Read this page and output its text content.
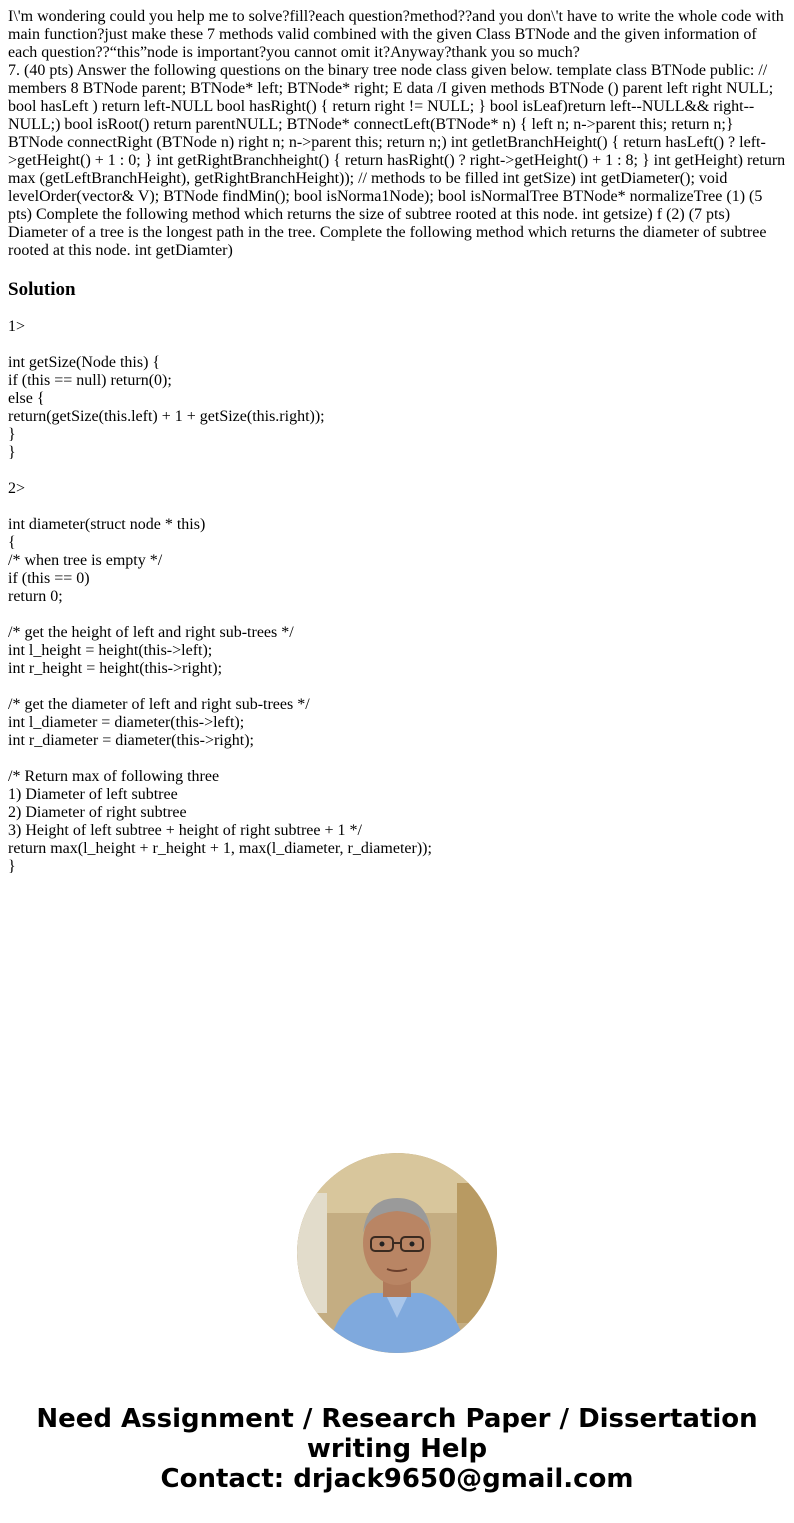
I\'m wondering could you help me to solve?fill?each question?method??and you don\'t have to write the whole code with main function?just make these 7 methods valid combined with the given Class BTNode and the given information of each question??“this”node is important?you cannot omit it?Anyway?thank you so much?

7. (40 pts) Answer the following questions on the binary tree node class given below. template class BTNode public: // members 8 BTNode parent; BTNode* left; BTNode* right; E data /I given methods BTNode () parent left right NULL; bool hasLeft ) return left-NULL bool hasRight() { return right != NULL; } bool isLeaf)return left--NULL&& right--NULL;) bool isRoot() return parentNULL; BTNode* connectLeft(BTNode* n) { left n; n->parent this; return n;} BTNode connectRight (BTNode n) right n; n->parent this; return n;) int getletBranchHeight() { return hasLeft() ? left->getHeight() + 1 : 0; } int getRightBranchheight() { return hasRight() ? right->getHeight() + 1 : 8; } int getHeight) return max (getLeftBranchHeight), getRightBranchHeight)); // methods to be filled int getSize) int getDiameter(); void levelOrder(vector& V); BTNode findMin(); bool isNorma1Node); bool isNormalTree BTNode* normalizeTree (1) (5 pts) Complete the following method which returns the size of subtree rooted at this node. int getsize) f (2) (7 pts) Diameter of a tree is the longest path in the tree. Complete the following method which returns the diameter of subtree rooted at this node. int getDiamter)

Solution
1>
int getSize(Node this) {
if (this == null) return(0);
else {
return(getSize(this.left) + 1 + getSize(this.right));
}
}
2>
int diameter(struct node * this)
{
/* when tree is empty */
if (this == 0)
return 0;
/* get the height of left and right sub-trees */
int l_height = height(this->left);
int r_height = height(this->right);
/* get the diameter of left and right sub-trees */
int l_diameter = diameter(this->left);
int r_diameter = diameter(this->right);
/* Return max of following three
1) Diameter of left subtree
2) Diameter of right subtree
3) Height of left subtree + height of right subtree + 1 */
return max(l_height + r_height + 1, max(l_diameter, r_diameter));
}
Need Assignment / Research Paper / Dissertation
writing Help
Contact: drjack9650@gmail.com
